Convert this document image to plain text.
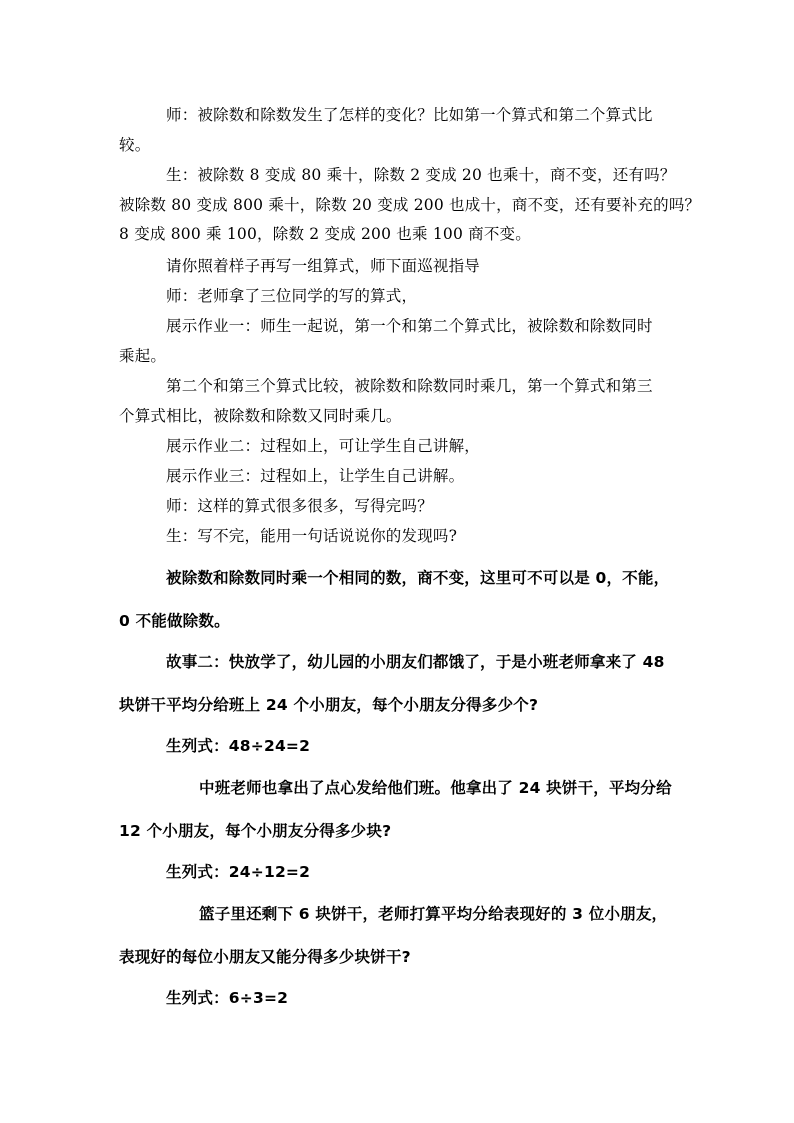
师：被除数和除数发生了怎样的变化？比如第一个算式和第二个算式比
较。

生：被除数 8 变成 80 乘十，除数 2 变成 20 也乘十，商不变，还有吗？
被除数 80 变成 800 乘十，除数 20 变成 200 也成十，商不变，还有要补充的吗？
8 变成 800 乘 100，除数 2 变成 200 也乘 100 商不变。

请你照着样子再写一组算式，师下面巡视指导

师：老师拿了三位同学的写的算式，

展示作业一：师生一起说，第一个和第二个算式比，被除数和除数同时
乘起。

第二个和第三个算式比较，被除数和除数同时乘几，第一个算式和第三
个算式相比，被除数和除数又同时乘几。

展示作业二：过程如上，可让学生自己讲解，

展示作业三：过程如上，让学生自己讲解。

师：这样的算式很多很多，写得完吗？

生：写不完，能用一句话说说你的发现吗?

被除数和除数同时乘一个相同的数，商不变，这里可不可以是 0，不能，
0 不能做除数。

故事二：快放学了，幼儿园的小朋友们都饿了，于是小班老师拿来了 48
块饼干平均分给班上 24 个小朋友，每个小朋友分得多少个?

生列式：48÷24=2

中班老师也拿出了点心发给他们班。他拿出了 24 块饼干，平均分给
12 个小朋友，每个小朋友分得多少块?

生列式：24÷12=2

篮子里还剩下 6 块饼干，老师打算平均分给表现好的 3 位小朋友，
表现好的每位小朋友又能分得多少块饼干?

生列式：6÷3=2
